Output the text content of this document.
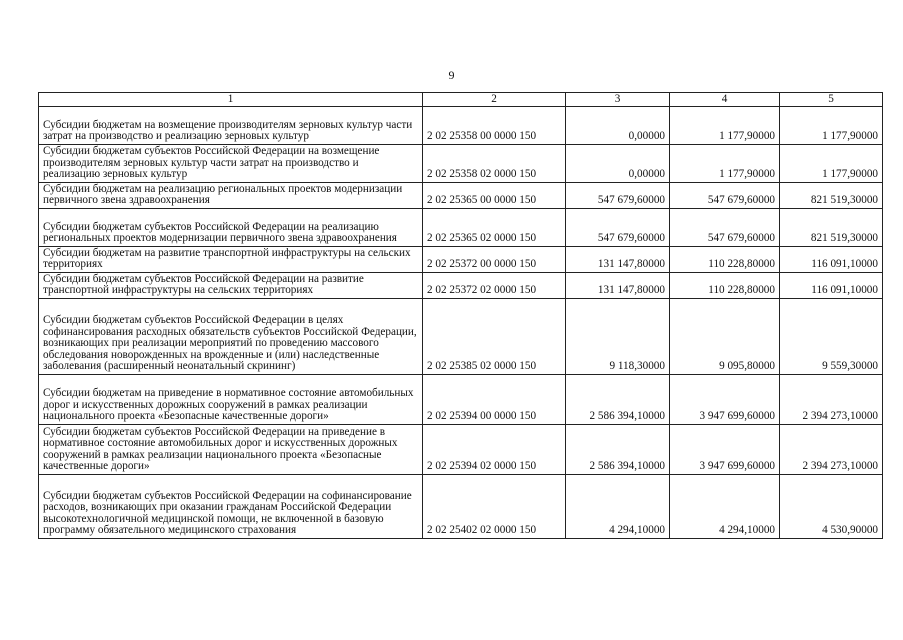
9
1	2	3	4	5
Субсидии бюджетам на возмещение производителям зерновых культур части затрат на производство и реализацию зерновых культур	2 02 25358 00 0000 150	0,00000	1 177,90000	1 177,90000
Субсидии бюджетам субъектов Российской Федерации на возмещение производителям зерновых культур части затрат на производство и реализацию зерновых культур	2 02 25358 02 0000 150	0,00000	1 177,90000	1 177,90000
Субсидии бюджетам на реализацию региональных проектов модернизации первичного звена здравоохранения	2 02 25365 00 0000 150	547 679,60000	547 679,60000	821 519,30000
Субсидии бюджетам субъектов Российской Федерации на реализацию региональных проектов модернизации первичного звена здравоохранения	2 02 25365 02 0000 150	547 679,60000	547 679,60000	821 519,30000
Субсидии бюджетам на развитие транспортной инфраструктуры на сельских территориях	2 02 25372 00 0000 150	131 147,80000	110 228,80000	116 091,10000
Субсидии бюджетам субъектов Российской Федерации на развитие транспортной инфраструктуры на сельских территориях	2 02 25372 02 0000 150	131 147,80000	110 228,80000	116 091,10000
Субсидии бюджетам субъектов Российской Федерации в целях софинансирования расходных обязательств субъектов Российской Федерации, возникающих при реализации мероприятий по проведению массового обследования новорожденных на врожденные и (или) наследственные заболевания (расширенный неонатальный скрининг)	2 02 25385 02 0000 150	9 118,30000	9 095,80000	9 559,30000
Субсидии бюджетам на приведение в нормативное состояние автомобильных дорог и искусственных дорожных сооружений в рамках реализации национального проекта «Безопасные качественные дороги»	2 02 25394 00 0000 150	2 586 394,10000	3 947 699,60000	2 394 273,10000
Субсидии бюджетам субъектов Российской Федерации на приведение в нормативное состояние автомобильных дорог и искусственных дорожных сооружений в рамках реализации национального проекта «Безопасные качественные дороги»	2 02 25394 02 0000 150	2 586 394,10000	3 947 699,60000	2 394 273,10000
Субсидии бюджетам субъектов Российской Федерации на софинансирование расходов, возникающих при оказании гражданам Российской Федерации высокотехнологичной медицинской помощи, не включенной в базовую программу обязательного медицинского страхования	2 02 25402 02 0000 150	4 294,10000	4 294,10000	4 530,90000
